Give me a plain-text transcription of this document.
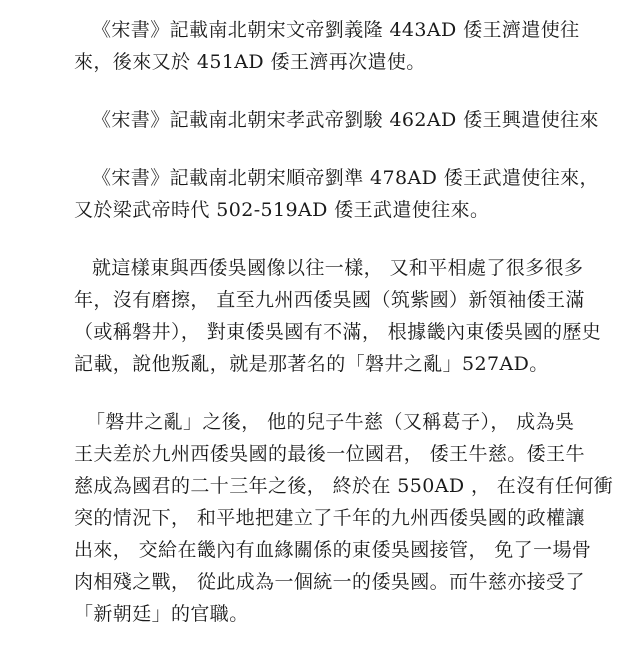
《宋書》記載南北朝宋文帝劉義隆 443AD 倭王濟遣使往
來，後來又於 451AD 倭王濟再次遣使。

《宋書》記載南北朝宋孝武帝劉駿 462AD 倭王興遣使往來

《宋書》記載南北朝宋順帝劉準 478AD 倭王武遣使往來，
又於梁武帝時代 502-519AD 倭王武遣使往來。

就這樣東與西倭吳國像以往一樣， 又和平相處了很多很多
年，沒有磨擦， 直至九州西倭吳國（筑紫國）新領袖倭王滿
（或稱磐井）， 對東倭吳國有不滿， 根據畿內東倭吳國的歷史
記載，說他叛亂，就是那著名的「磐井之亂」527AD。

「磐井之亂」之後， 他的兒子牛慈（又稱葛子）， 成為吳
王夫差於九州西倭吳國的最後一位國君， 倭王牛慈。倭王牛
慈成為國君的二十三年之後， 終於在 550AD ， 在沒有任何衝
突的情況下， 和平地把建立了千年的九州西倭吳國的政權讓
出來， 交給在畿內有血緣關係的東倭吳國接管， 免了一場骨
肉相殘之戰， 從此成為一個統一的倭吳國。而牛慈亦接受了
「新朝廷」的官職。
